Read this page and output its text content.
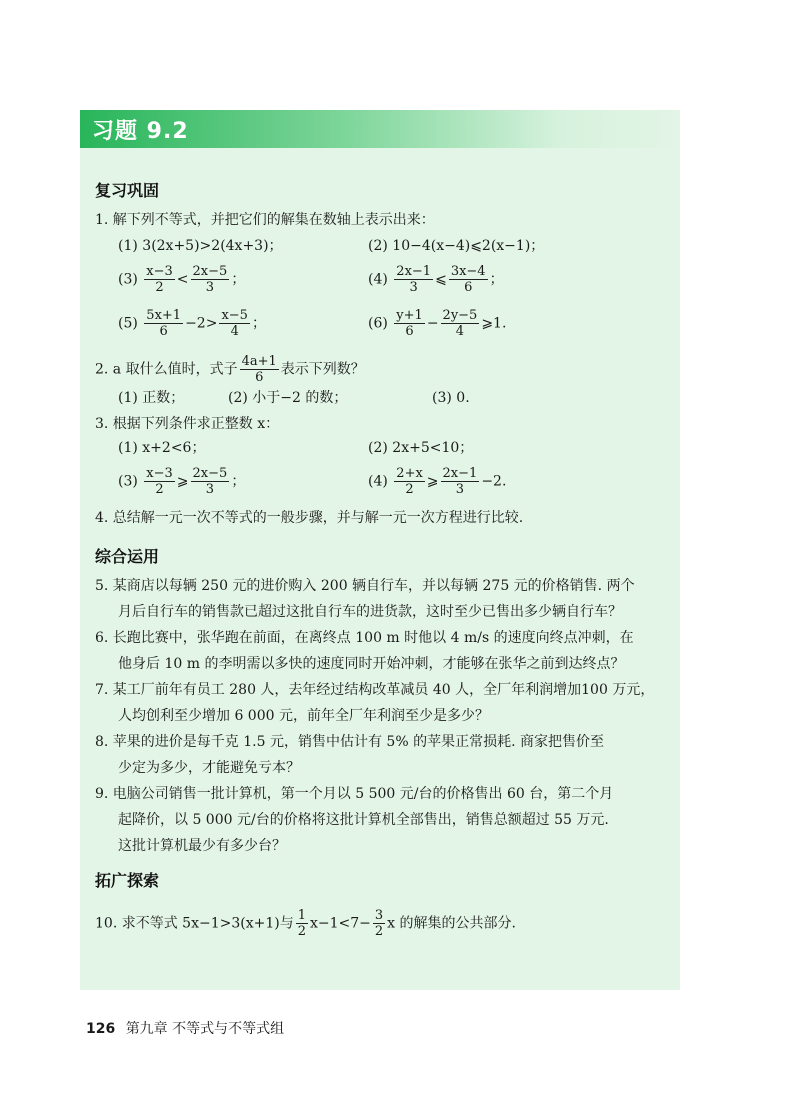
习题 9.2
复习巩固
1. 解下列不等式，并把它们的解集在数轴上表示出来：
(1) 3(2x+5)>2(4x+3)；	(2) 10−4(x−4)⩽2(x−1)；
$(3) \frac{x-3}{2} < \frac{2x-5}{3}$ ；	$(4) \frac{2x-1}{3}$ ⩽ $\frac{3x-4}{6}$ ；
$(5) \frac{5x+1}{6} -2> \frac{x-5}{4}$ ；	$(6) \frac{y+1}{6} - \frac{2y-5}{4}$ ⩾1.
2. a 取什么值时，式子 $\frac{4a+1}{6}$ 表示下列数？
(1) 正数；	(2) 小于−2 的数；	(3) 0.
3. 根据下列条件求正整数 x：
(1) x+2<6；	(2) 2x+5<10；
$(3) \frac{x-3}{2}$ ⩾ $\frac{2x-5}{3}$ ；	$(4) \frac{2+x}{2}$ ⩾ $\frac{2x-1}{3} -2$.
4. 总结解一元一次不等式的一般步骤，并与解一元一次方程进行比较.
综合运用
5. 某商店以每辆 250 元的进价购入 200 辆自行车，并以每辆 275 元的价格销售. 两个
月后自行车的销售款已超过这批自行车的进货款，这时至少已售出多少辆自行车？
6. 长跑比赛中，张华跑在前面，在离终点 100 m 时他以 4 m/s 的速度向终点冲刺，在
他身后 10 m 的李明需以多快的速度同时开始冲刺，才能够在张华之前到达终点？
7. 某工厂前年有员工 280 人，去年经过结构改革减员 40 人，全厂年利润增加100 万元，
人均创利至少增加 6 000 元，前年全厂年利润至少是多少？
8. 苹果的进价是每千克 1.5 元，销售中估计有 5% 的苹果正常损耗. 商家把售价至
少定为多少，才能避免亏本？
9. 电脑公司销售一批计算机，第一个月以 5 500 元/台的价格售出 60 台，第二个月
起降价，以 5 000 元/台的价格将这批计算机全部售出，销售总额超过 55 万元.
这批计算机最少有多少台？
拓广探索
10. 求不等式 5x−1>3(x+1)与 $\frac{1}{2} x-1<7- \frac{3}{2}$ x 的解集的公共部分.
126 第九章 不等式与不等式组
